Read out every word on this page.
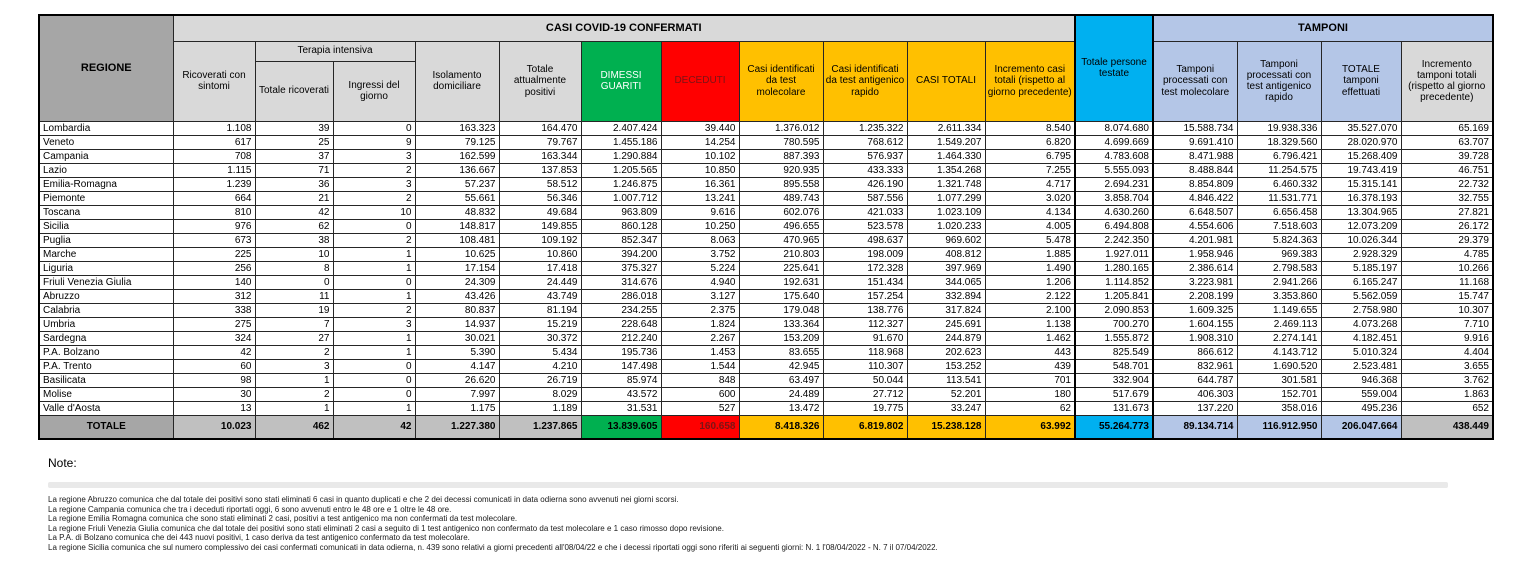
REGIONE	CASI COVID-19 CONFERMATI											Totale persone testate	TAMPONI			
	Ricoverati con sintomi	Terapia intensiva		Isolamento domiciliare	Totale attualmente positivi	DIMESSI GUARITI	DECEDUTI	Casi identificati da test molecolare	Casi identificati da test antigenico rapido	CASI TOTALI	Incremento casi totali (rispetto al giorno precedente)		Tamponi processati con test molecolare	Tamponi processati con test antigenico rapido	TOTALE tamponi effettuati	Incremento tamponi totali (rispetto al giorno precedente)
		Totale ricoverati	Ingressi del giorno													
Lombardia	1.108	39	0	163.323	164.470	2.407.424	39.440	1.376.012	1.235.322	2.611.334	8.540	8.074.680	15.588.734	19.938.336	35.527.070	65.169
Veneto	617	25	9	79.125	79.767	1.455.186	14.254	780.595	768.612	1.549.207	6.820	4.699.669	9.691.410	18.329.560	28.020.970	63.707
Campania	708	37	3	162.599	163.344	1.290.884	10.102	887.393	576.937	1.464.330	6.795	4.783.608	8.471.988	6.796.421	15.268.409	39.728
Lazio	1.115	71	2	136.667	137.853	1.205.565	10.850	920.935	433.333	1.354.268	7.255	5.555.093	8.488.844	11.254.575	19.743.419	46.751
Emilia-Romagna	1.239	36	3	57.237	58.512	1.246.875	16.361	895.558	426.190	1.321.748	4.717	2.694.231	8.854.809	6.460.332	15.315.141	22.732
Piemonte	664	21	2	55.661	56.346	1.007.712	13.241	489.743	587.556	1.077.299	3.020	3.858.704	4.846.422	11.531.771	16.378.193	32.755
Toscana	810	42	10	48.832	49.684	963.809	9.616	602.076	421.033	1.023.109	4.134	4.630.260	6.648.507	6.656.458	13.304.965	27.821
Sicilia	976	62	0	148.817	149.855	860.128	10.250	496.655	523.578	1.020.233	4.005	6.494.808	4.554.606	7.518.603	12.073.209	26.172
Puglia	673	38	2	108.481	109.192	852.347	8.063	470.965	498.637	969.602	5.478	2.242.350	4.201.981	5.824.363	10.026.344	29.379
Marche	225	10	1	10.625	10.860	394.200	3.752	210.803	198.009	408.812	1.885	1.927.011	1.958.946	969.383	2.928.329	4.785
Liguria	256	8	1	17.154	17.418	375.327	5.224	225.641	172.328	397.969	1.490	1.280.165	2.386.614	2.798.583	5.185.197	10.266
Friuli Venezia Giulia	140	0	0	24.309	24.449	314.676	4.940	192.631	151.434	344.065	1.206	1.114.852	3.223.981	2.941.266	6.165.247	11.168
Abruzzo	312	11	1	43.426	43.749	286.018	3.127	175.640	157.254	332.894	2.122	1.205.841	2.208.199	3.353.860	5.562.059	15.747
Calabria	338	19	2	80.837	81.194	234.255	2.375	179.048	138.776	317.824	2.100	2.090.853	1.609.325	1.149.655	2.758.980	10.307
Umbria	275	7	3	14.937	15.219	228.648	1.824	133.364	112.327	245.691	1.138	700.270	1.604.155	2.469.113	4.073.268	7.710
Sardegna	324	27	1	30.021	30.372	212.240	2.267	153.209	91.670	244.879	1.462	1.555.872	1.908.310	2.274.141	4.182.451	9.916
P.A. Bolzano	42	2	1	5.390	5.434	195.736	1.453	83.655	118.968	202.623	443	825.549	866.612	4.143.712	5.010.324	4.404
P.A. Trento	60	3	0	4.147	4.210	147.498	1.544	42.945	110.307	153.252	439	548.701	832.961	1.690.520	2.523.481	3.655
Basilicata	98	1	0	26.620	26.719	85.974	848	63.497	50.044	113.541	701	332.904	644.787	301.581	946.368	3.762
Molise	30	2	0	7.997	8.029	43.572	600	24.489	27.712	52.201	180	517.679	406.303	152.701	559.004	1.863
Valle d'Aosta	13	1	1	1.175	1.189	31.531	527	13.472	19.775	33.247	62	131.673	137.220	358.016	495.236	652
TOTALE	10.023	462	42	1.227.380	1.237.865	13.839.605	160.658	8.418.326	6.819.802	15.238.128	63.992	55.264.773	89.134.714	116.912.950	206.047.664	438.449
Note:
La regione Abruzzo comunica che dal totale dei positivi sono stati eliminati 6 casi in quanto duplicati e che 2 dei decessi comunicati in data odierna sono avvenuti nei giorni scorsi.
La regione Campania comunica che tra i deceduti riportati oggi, 6 sono avvenuti entro le 48 ore e 1 oltre le 48 ore.
La regione Emilia Romagna comunica che sono stati eliminati 2 casi, positivi a test antigenico ma non confermati da test molecolare.
La regione Friuli Venezia Giulia comunica che dal totale dei positivi sono stati eliminati 2 casi a seguito di 1 test antigenico non confermato da test molecolare e 1 caso rimosso dopo revisione.
La P.A. di Bolzano comunica che dei 443 nuovi positivi, 1 caso deriva da test antigenico confermato da test molecolare.
La regione Sicilia comunica che sul numero complessivo dei casi confermati comunicati in data odierna, n. 439 sono relativi a giorni precedenti all'08/04/22 e che i decessi riportati oggi sono riferiti ai seguenti giorni: N. 1 l'08/04/2022 - N. 7 il 07/04/2022.
